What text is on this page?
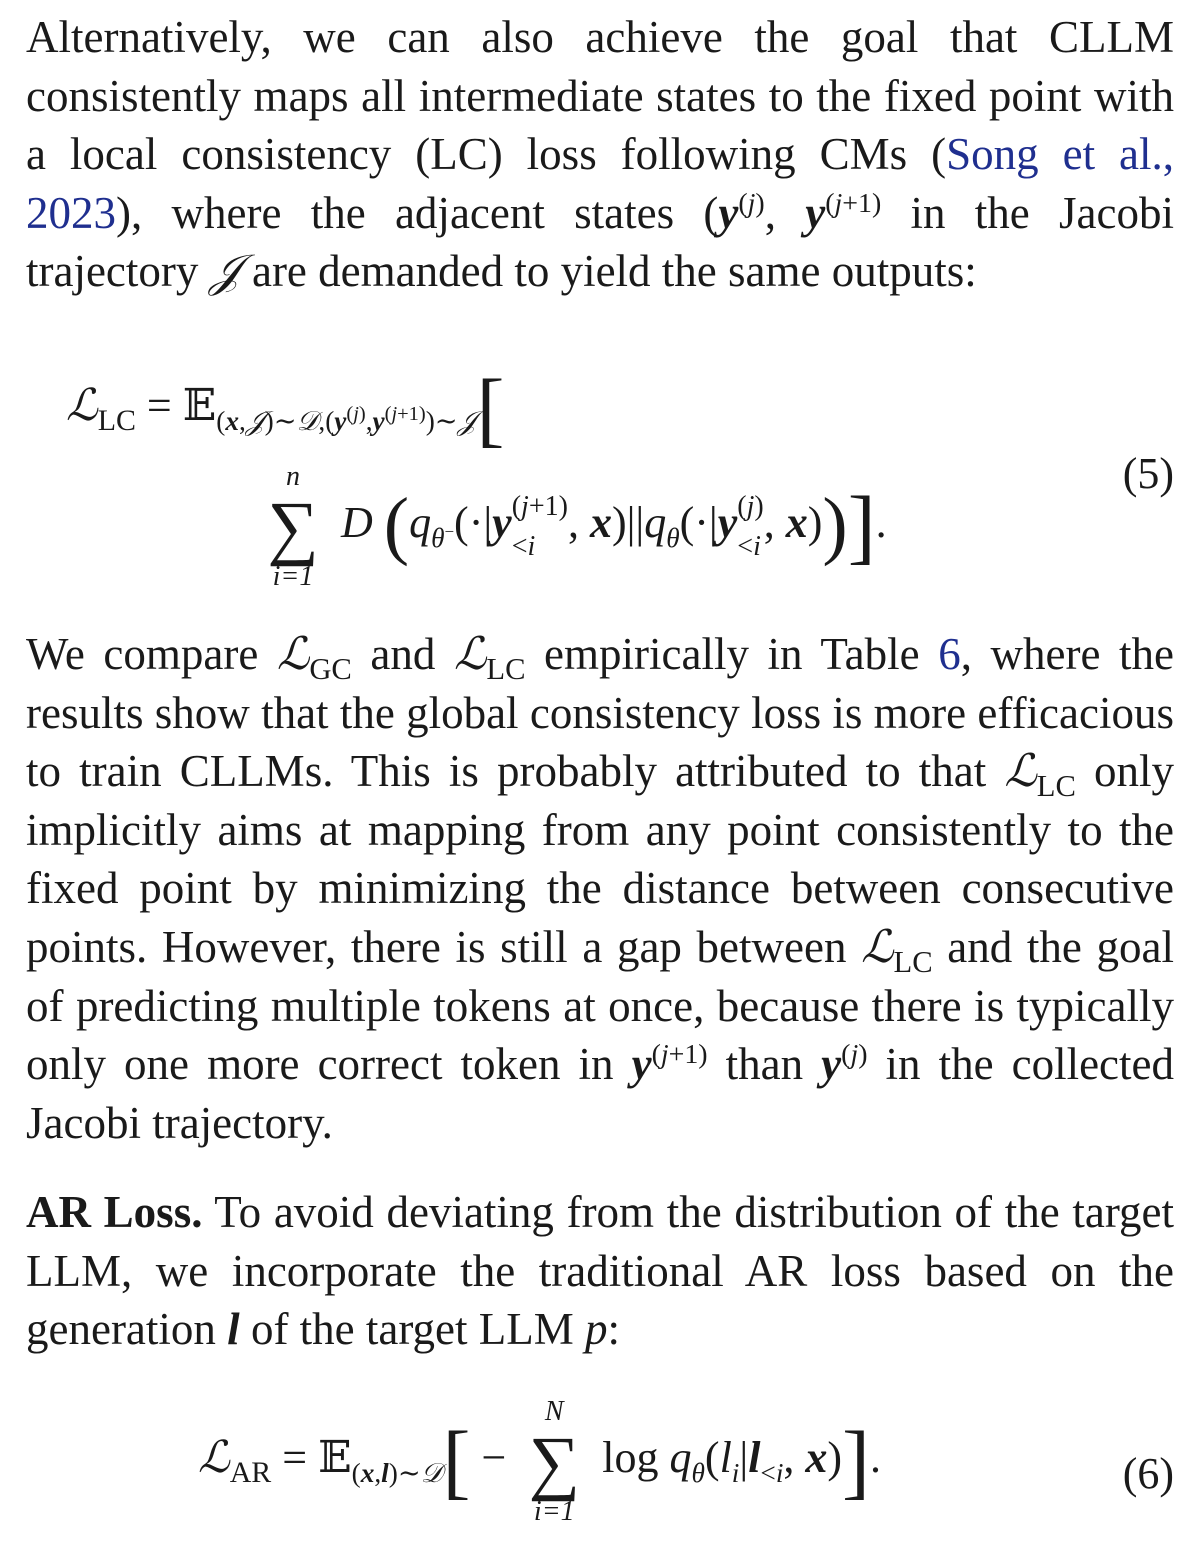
Alternatively, we can also achieve the goal that CLLM consistently maps all intermediate states to the fixed point with a local consistency (LC) loss following CMs (Song et al., 2023), where the adjacent states ($y^{(j)}$, $y^{(j+1)}$ in the Jacobi trajectory 𝒥 are demanded to yield the same outputs:

ℒ$_{LC}$ = 𝔼$_{(x,𝒥)\sim 𝒟,(y^{(j)},y^{(j+1)})\sim 𝒥}$[
n
∑
i=1
D ($q_{\theta^-}(\cdot|y$ (j+1)
<i , $x)||q_\theta(\cdot|y$ (j)
<i , x))].
(5)

We compare ℒ$_{GC}$ and ℒ$_{LC}$ empirically in Table 6, where the results show that the global consistency loss is more efficacious to train CLLMs. This is probably attributed to that ℒ$_{LC}$ only implicitly aims at mapping from any point consistently to the fixed point by minimizing the distance between consecutive points. However, there is still a gap between ℒ$_{LC}$ and the goal of predicting multiple tokens at once, because there is typically only one more correct token in $y^{(j+1)}$ than $y^{(j)}$ in the collected Jacobi trajectory.

AR Loss. To avoid deviating from the distribution of the target LLM, we incorporate the traditional AR loss based on the generation l of the target LLM p:

ℒ$_{AR}$ = 𝔼$_{(x,l)\sim 𝒟}$[ −
N
∑
i=1
$\log q_\theta(l_i|l_{<i}$, x)].	(6)
